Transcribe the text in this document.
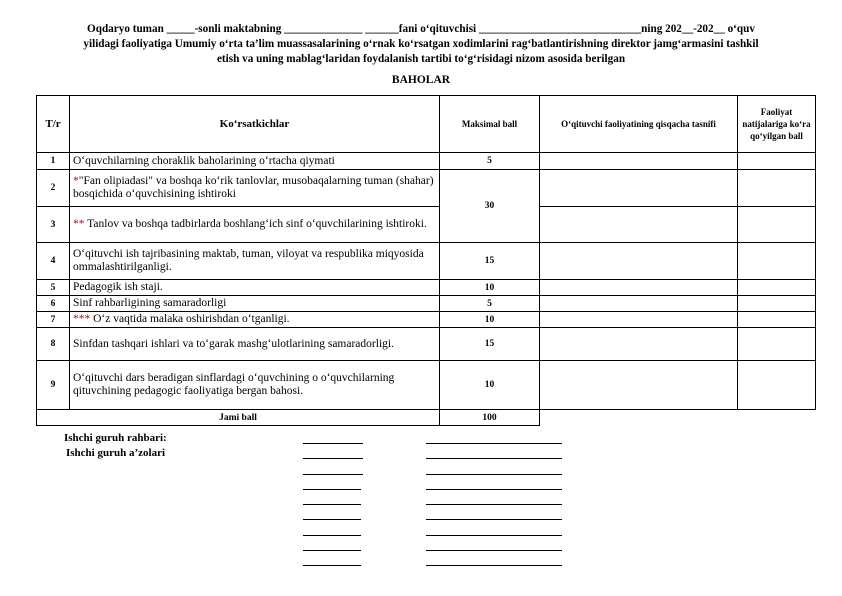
Oqdaryo tuman _____-sonli maktabning ______________ ______fani o‘qituvchisi _____________________________ning 202__-202__ o‘quv
yilidagi faoliyatiga Umumiy o‘rta ta’lim muassasalarining o‘rnak ko‘rsatgan xodimlarini rag‘batlantirishning direktor jamg‘armasini tashkil
etish va uning mablag‘laridan foydalanish tartibi to‘g‘risidagi nizom asosida berilgan
BAHOLAR
T/r	Ko‘rsatkichlar	Maksimal ball	O‘qituvchi faoliyatining qisqacha tasnifi	Faoliyat natijalariga ko‘ra qo‘yilgan ball
1	O‘quvchilarning choraklik baholarining o‘rtacha qiymati	5		
2	*"Fan olipiadasi" va boshqa ko‘rik tanlovlar, musobaqalarning tuman (shahar) bosqichida o‘quvchisining ishtiroki	30		
3	** Tanlov va boshqa tadbirlarda boshlang‘ich sinf o‘quvchilarining ishtiroki.			
4	O‘qituvchi ish tajribasining maktab, tuman, viloyat va respublika miqyosida ommalashtirilganligi.	15		
5	Pedagogik ish staji.	10		
6	Sinf rahbarligining samaradorligi	5		
7	*** O‘z vaqtida malaka oshirishdan o‘tganligi.	10		
8	Sinfdan tashqari ishlari va to‘garak mashg‘ulotlarining samaradorligi.	15		
9	O‘qituvchi dars beradigan sinflardagi o‘quvchining o o‘quvchilarning qituvchining pedagogic faoliyatiga bergan bahosi.	10		
Jami ball		100		
Ishchi guruh rahbari:
Ishchi guruh a’zolari
